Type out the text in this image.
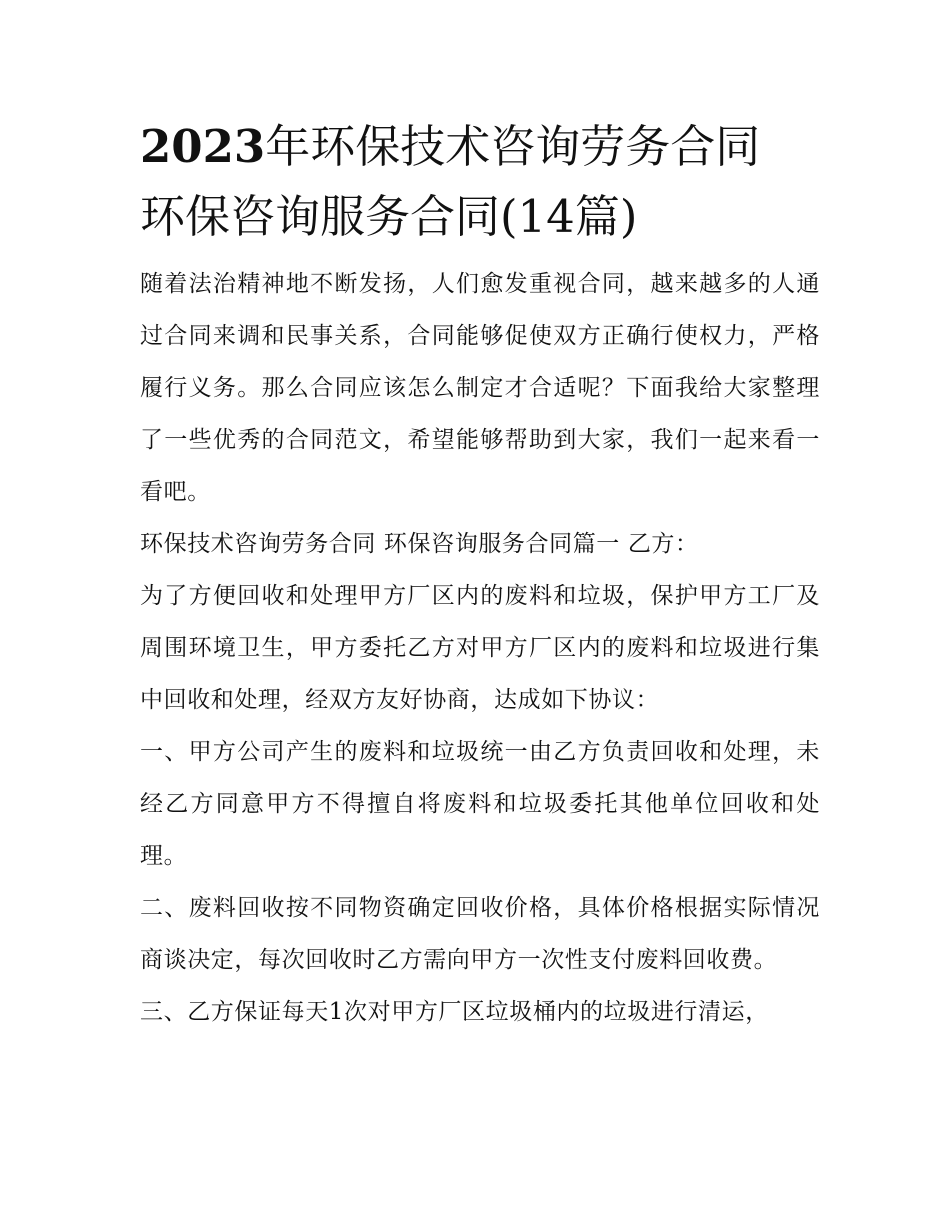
2023年环保技术咨询劳务合同
环保咨询服务合同(14篇)

随着法治精神地不断发扬，人们愈发重视合同，越来越多的人通过合同来调和民事关系，合同能够促使双方正确行使权力，严格履行义务。那么合同应该怎么制定才合适呢？下面我给大家整理了一些优秀的合同范文，希望能够帮助到大家，我们一起来看一看吧。

环保技术咨询劳务合同 环保咨询服务合同篇一 乙方：

为了方便回收和处理甲方厂区内的废料和垃圾，保护甲方工厂及周围环境卫生，甲方委托乙方对甲方厂区内的废料和垃圾进行集中回收和处理，经双方友好协商，达成如下协议：

一、甲方公司产生的废料和垃圾统一由乙方负责回收和处理，未经乙方同意甲方不得擅自将废料和垃圾委托其他单位回收和处理。

二、废料回收按不同物资确定回收价格，具体价格根据实际情况商谈决定，每次回收时乙方需向甲方一次性支付废料回收费。

三、乙方保证每天1次对甲方厂区垃圾桶内的垃圾进行清运，
